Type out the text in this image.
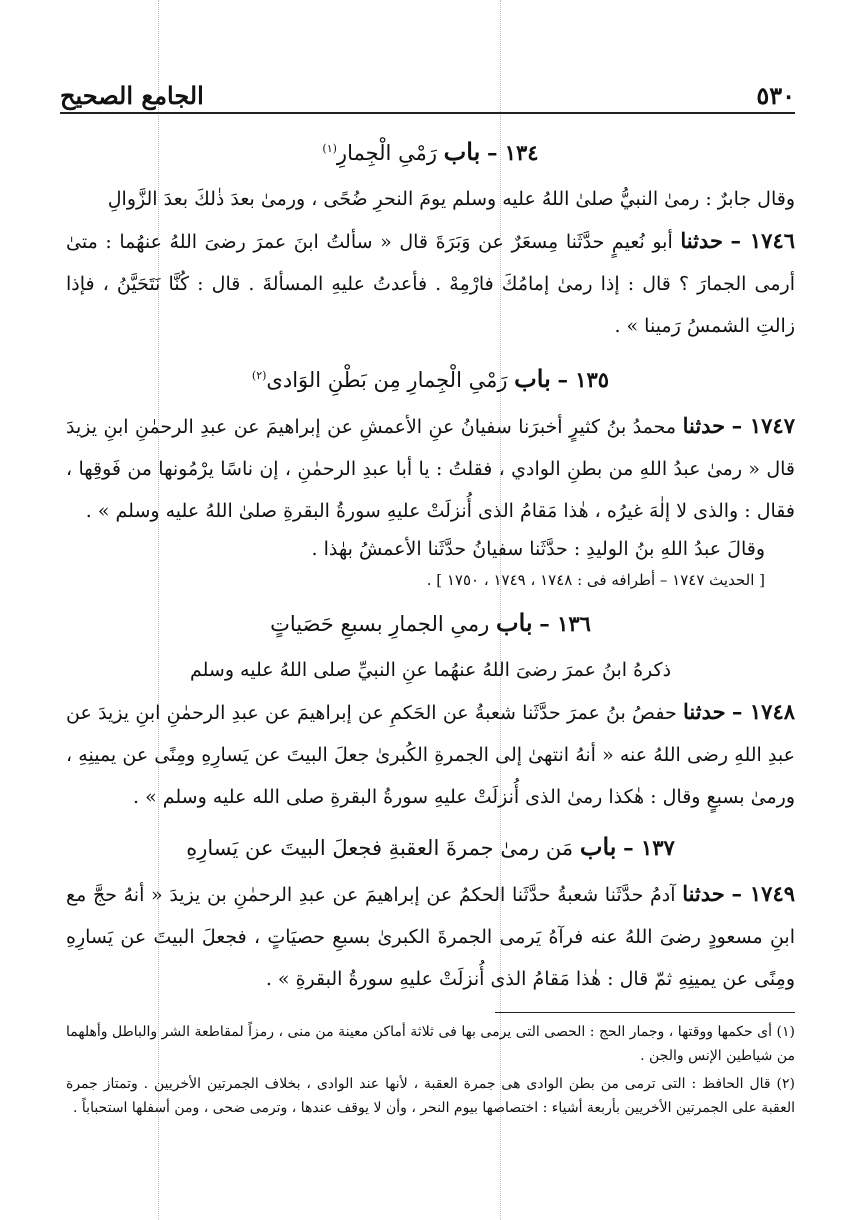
٥٣٠
الجامع الصحيح

١٣٤ – باب رَمْىِ الْجِمارِ$^{(١)}$

وقال جابرٌ : رمىٰ النبيُّ صلىٰ اللهُ عليه وسلم يومَ النحرِ ضُحًى ، ورمىٰ بعدَ ذٰلكَ بعدَ الزَّوالِ

١٧٤٦ – حدثنا أبو نُعيمٍ حدَّثَنا مِسعَرٌ عن وَبَرَةَ قال « سألتُ ابنَ عمرَ رضىَ اللهُ عنهُما : متىٰ أرمى الجمارَ ؟ قال : إذا رمىٰ إمامُكَ فارْمِهْ . فأعدتُ عليهِ المسألةَ . قال : كُنَّا نَتَحَيَّنُ ، فإذا زالتِ الشمسُ رَمينا » .

١٣٥ – باب رَمْىِ الْجِمارِ مِن بَطْنِ الوَادى$^{(٢)}$

١٧٤٧ – حدثنا محمدُ بنُ كثيرٍ أخبرَنا سفيانُ عنِ الأعمشِ عن إبراهيمَ عن عبدِ الرحمٰنِ ابنِ يزيدَ قال « رمىٰ عبدُ اللهِ من بطنِ الوادي ، فقلتُ : يا أبا عبدِ الرحمٰنِ ، إن ناسًا يرْمُونها من فَوقِها ، فقال : والذى لا إلٰهَ غيرُه ، هٰذا مَقامُ الذى أُنزلَتْ عليهِ سورةُ البقرةِ صلىٰ اللهُ عليه وسلم » .

وقالَ عبدُ اللهِ بنُ الوليدِ : حدَّثَنا سفيانُ حدَّثَنا الأعمشُ بهٰذا .

[ الحديث ١٧٤٧ – أطرافه فى : ١٧٤٨ ، ١٧٤٩ ، ١٧٥٠ ] .

١٣٦ – باب رمىِ الجمارِ بسبعِ حَصَياتٍ

ذكرهُ ابنُ عمرَ رضىَ اللهُ عنهُما عنِ النبيِّ صلى اللهُ عليه وسلم

١٧٤٨ – حدثنا حفصُ بنُ عمرَ حدَّثَنا شعبةُ عن الحَكمِ عن إبراهيمَ عن عبدِ الرحمٰنِ ابنِ يزيدَ عن عبدِ اللهِ رضى اللهُ عنه « أنهُ انتهىٰ إلى الجمرةِ الكُبرىٰ جعلَ البيتَ عن يَسارِهِ ومِنًى عن يمينِهِ ، ورمىٰ بسبعٍ وقال : هٰكذا رمىٰ الذى أُنزلَتْ عليهِ سورةُ البقرةِ صلى الله عليه وسلم » .

١٣٧ – باب مَن رمىٰ جمرةَ العقبةِ فجعلَ البيتَ عن يَسارِهِ

١٧٤٩ – حدثنا آدمُ حدَّثَنا شعبةُ حدَّثَنا الحكمُ عن إبراهيمَ عن عبدِ الرحمٰنِ بن يزيدَ « أنهُ حجَّ مع ابنِ مسعودٍ رضىَ اللهُ عنه فرآهُ يَرمى الجمرةَ الكبرىٰ بسبعِ حصيَاتٍ ، فجعلَ البيتَ عن يَسارِهِ ومِنًى عن يمينِهِ ثمّ قال : هٰذا مَقامُ الذى أُنزلَتْ عليهِ سورةُ البقرةِ » .

(١) أى حكمها ووقتها ، وجمار الحج : الحصى التى يرمى بها فى ثلاثة أماكن معينة من منى ، رمزاً لمقاطعة الشر والباطل وأهلهما من شياطين الإنس والجن .

(٢) قال الحافظ : التى ترمى من بطن الوادى هى جمرة العقبة ، لأنها عند الوادى ، بخلاف الجمرتين الأخريين . وتمتاز جمرة العقبة على الجمرتين الأخريين بأربعة أشياء : اختصاصها بيوم النحر ، وأن لا يوقف عندها ، وترمى ضحى ، ومن أسفلها استحباباً .
